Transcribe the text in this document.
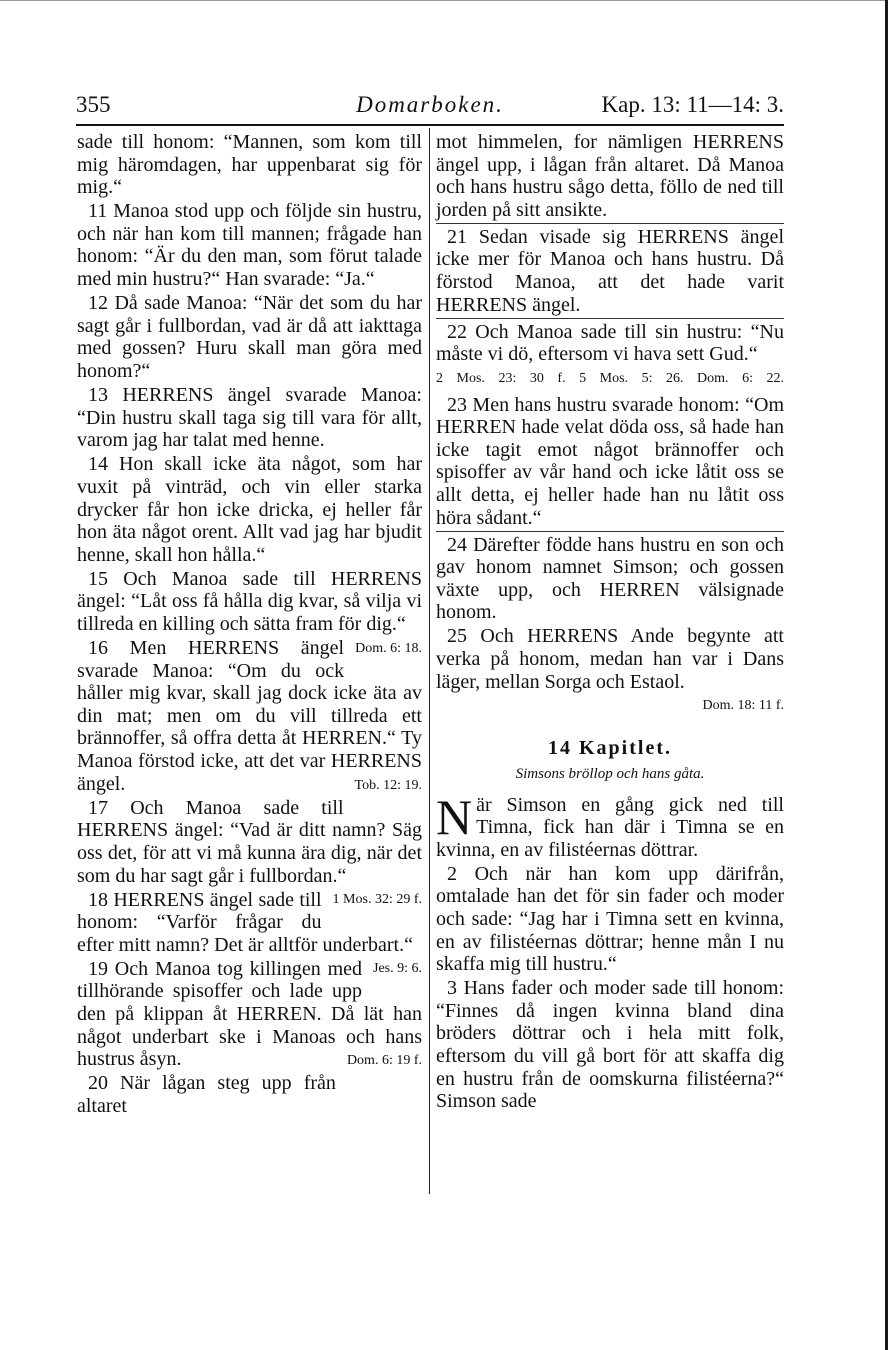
355	Domarboken.	Kap. 13: 11—14: 3.

sade till honom: “Mannen, som kom till mig häromdagen, har uppenbarat sig för mig.“

11 Manoa stod upp och följde sin hustru, och när han kom till mannen; frågade han honom: “Är du den man, som förut talade med min hustru?“ Han svarade: “Ja.“

12 Då sade Manoa: “När det som du har sagt går i fullbordan, vad är då att iakttaga med gossen? Huru skall man göra med honom?“

13 HERRENS ängel svarade Manoa: “Din hustru skall taga sig till vara för allt, varom jag har talat med henne.

14 Hon skall icke äta något, som har vuxit på vinträd, och vin eller starka drycker får hon icke dricka, ej heller får hon äta något orent. Allt vad jag har bjudit henne, skall hon hålla.“

15 Och Manoa sade till HERRENS ängel: “Låt oss få hålla dig kvar, så vilja vi tillreda en killing och sätta fram för dig.“
Dom. 6: 18.

16 Men HERRENS ängel svarade Manoa: “Om du ock håller mig kvar, skall jag dock icke äta av din mat; men om du vill tillreda ett brännoffer, så offra detta åt HERREN.“ Ty Manoa förstod icke, att det var HERRENS ängel.	Tob. 12: 19.

17 Och Manoa sade till HERRENS ängel: “Vad är ditt namn? Säg oss det, för att vi må kunna ära dig, när det som du har sagt går i fullbordan.“
1 Mos. 32: 29 f.

18 HERRENS ängel sade till honom: “Varför frågar du efter mitt namn? Det är alltför underbart.“
Jes. 9: 6.

19 Och Manoa tog killingen med tillhörande spisoffer och lade upp den på klippan åt HERREN. Då lät han något underbart ske i Manoas och hans hustrus åsyn.	Dom. 6: 19 f.

20 När lågan steg upp från altaret

mot himmelen, for nämligen HERRENS ängel upp, i lågan från altaret. Då Manoa och hans hustru sågo detta, föllo de ned till jorden på sitt ansikte.

21 Sedan visade sig HERRENS ängel icke mer för Manoa och hans hustru. Då förstod Manoa, att det hade varit HERRENS ängel.

22 Och Manoa sade till sin hustru: “Nu måste vi dö, eftersom vi hava sett Gud.“

2 Mos. 23: 30 f. 5 Mos. 5: 26. Dom. 6: 22.

23 Men hans hustru svarade honom: “Om HERREN hade velat döda oss, så hade han icke tagit emot något brännoffer och spisoffer av vår hand och icke låtit oss se allt detta, ej heller hade han nu låtit oss höra sådant.“

24 Därefter födde hans hustru en son och gav honom namnet Simson; och gossen växte upp, och HERREN välsignade honom.

25 Och HERRENS Ande begynte att verka på honom, medan han var i Dans läger, mellan Sorga och Estaol.

Dom. 18: 11 f.
14 Kapitlet.
Simsons bröllop och hans gåta.

När Simson en gång gick ned till Timna, fick han där i Timna se en kvinna, en av filistéernas döttrar.

2 Och när han kom upp därifrån, omtalade han det för sin fader och moder och sade: “Jag har i Timna sett en kvinna, en av filistéernas döttrar; henne mån I nu skaffa mig till hustru.“

3 Hans fader och moder sade till honom: “Finnes då ingen kvinna bland dina bröders döttrar och i hela mitt folk, eftersom du vill gå bort för att skaffa dig en hustru från de oomskurna filistéerna?“ Simson sade
